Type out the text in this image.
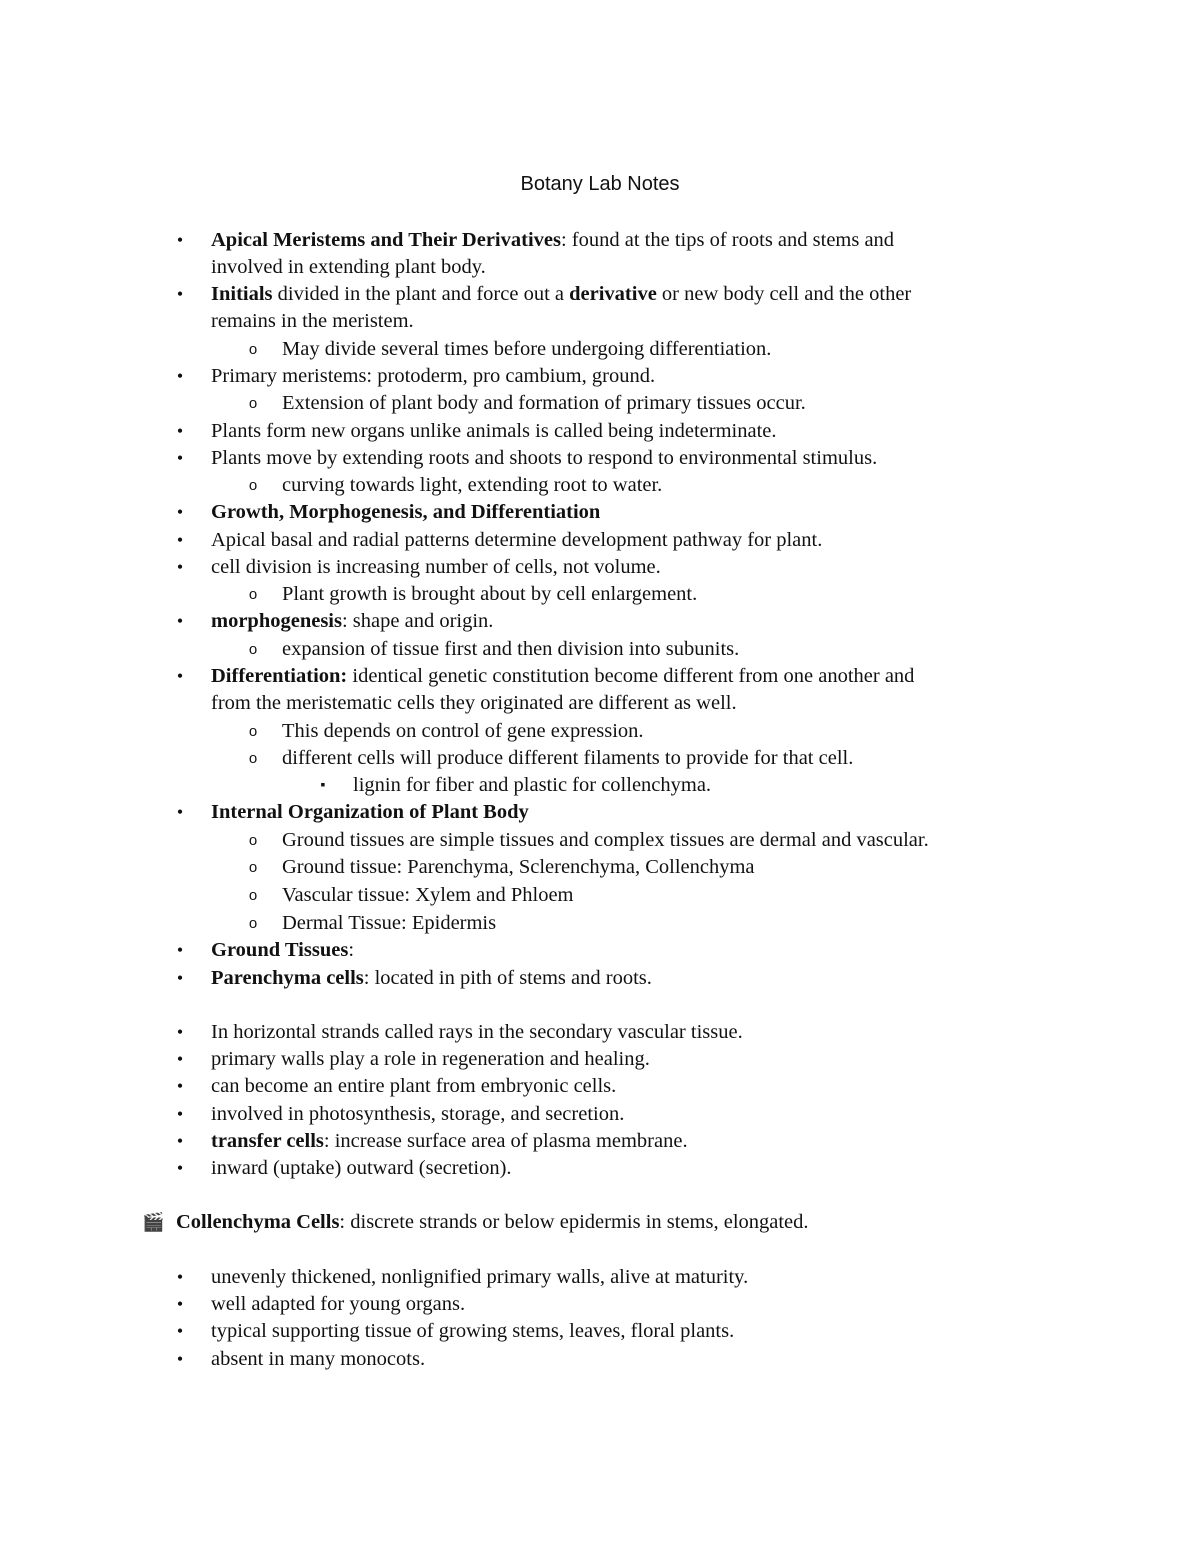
Botany Lab Notes
•	Apical Meristems and Their Derivatives: found at the tips of roots and stems and
involved in extending plant body.
•	Initials divided in the plant and force out a derivative or new body cell and the other
remains in the meristem.
o May divide several times before undergoing differentiation.
•	Primary meristems: protoderm, pro cambium, ground.
o Extension of plant body and formation of primary tissues occur.
•	Plants form new organs unlike animals is called being indeterminate.
•	Plants move by extending roots and shoots to respond to environmental stimulus.
o curving towards light, extending root to water.
•	Growth, Morphogenesis, and Differentiation
•	Apical basal and radial patterns determine development pathway for plant.
•	cell division is increasing number of cells, not volume.
o Plant growth is brought about by cell enlargement.
•	morphogenesis: shape and origin.
o expansion of tissue first and then division into subunits.
•	Differentiation: identical genetic constitution become different from one another and
from the meristematic cells they originated are different as well.
o This depends on control of gene expression.
o different cells will produce different filaments to provide for that cell.
▪ lignin for fiber and plastic for collenchyma.
•	Internal Organization of Plant Body
o Ground tissues are simple tissues and complex tissues are dermal and vascular.
o Ground tissue: Parenchyma, Sclerenchyma, Collenchyma
o Vascular tissue: Xylem and Phloem
o Dermal Tissue: Epidermis
•	Ground Tissues:
•	Parenchyma cells: located in pith of stems and roots.
•	In horizontal strands called rays in the secondary vascular tissue.
•	primary walls play a role in regeneration and healing.
•	can become an entire plant from embryonic cells.
•	involved in photosynthesis, storage, and secretion.
•	transfer cells: increase surface area of plasma membrane.
•	inward (uptake) outward (secretion).
🎬 Collenchyma Cells: discrete strands or below epidermis in stems, elongated.
•	unevenly thickened, nonlignified primary walls, alive at maturity.
•	well adapted for young organs.
•	typical supporting tissue of growing stems, leaves, floral plants.
•	absent in many monocots.
